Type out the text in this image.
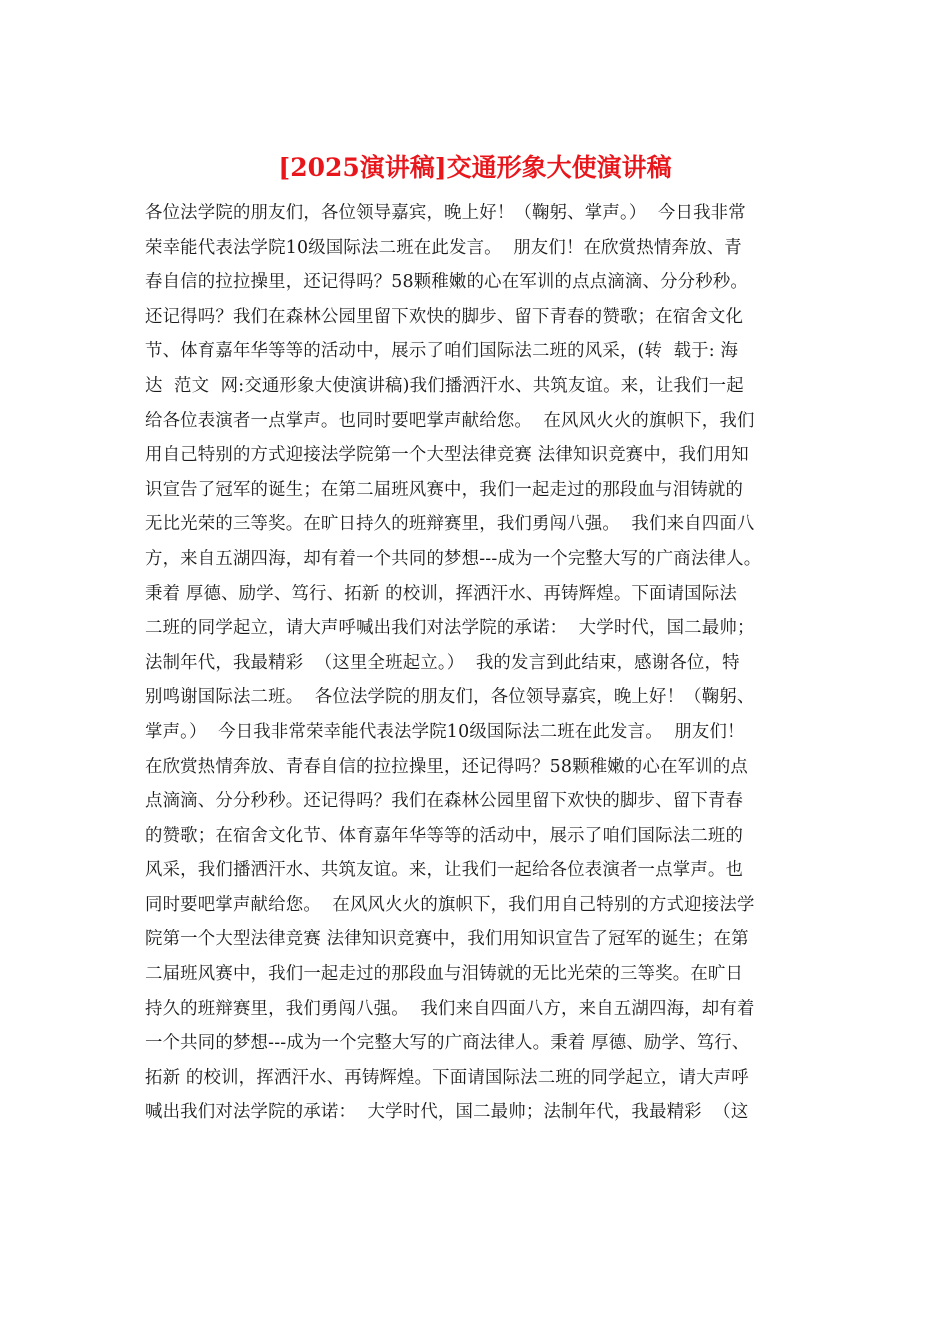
[2025演讲稿]交通形象大使演讲稿
各位法学院的朋友们，各位领导嘉宾，晚上好！（鞠躬、掌声。）  今日我非常
荣幸能代表法学院10级国际法二班在此发言。  朋友们！在欣赏热情奔放、青
春自信的拉拉操里，还记得吗？58颗稚嫩的心在军训的点点滴滴、分分秒秒。
还记得吗？我们在森林公园里留下欢快的脚步、留下青春的赞歌；在宿舍文化
节、体育嘉年华等等的活动中，展示了咱们国际法二班的风采，(转  载于: 海
达  范文  网:交通形象大使演讲稿)我们播洒汗水、共筑友谊。来，让我们一起
给各位表演者一点掌声。也同时要吧掌声献给您。  在风风火火的旗帜下，我们
用自己特别的方式迎接法学院第一个大型法律竞赛 法律知识竞赛中，我们用知
识宣告了冠军的诞生；在第二届班风赛中，我们一起走过的那段血与泪铸就的
无比光荣的三等奖。在旷日持久的班辩赛里，我们勇闯八强。  我们来自四面八
方，来自五湖四海，却有着一个共同的梦想---成为一个完整大写的广商法律人。
秉着 厚德、励学、笃行、拓新 的校训，挥洒汗水、再铸辉煌。下面请国际法
二班的同学起立，请大声呼喊出我们对法学院的承诺：  大学时代，国二最帅；
法制年代，我最精彩  （这里全班起立。）  我的发言到此结束，感谢各位，特
别鸣谢国际法二班。  各位法学院的朋友们，各位领导嘉宾，晚上好！（鞠躬、
掌声。）  今日我非常荣幸能代表法学院10级国际法二班在此发言。  朋友们！
在欣赏热情奔放、青春自信的拉拉操里，还记得吗？58颗稚嫩的心在军训的点
点滴滴、分分秒秒。还记得吗？我们在森林公园里留下欢快的脚步、留下青春
的赞歌；在宿舍文化节、体育嘉年华等等的活动中，展示了咱们国际法二班的
风采，我们播洒汗水、共筑友谊。来，让我们一起给各位表演者一点掌声。也
同时要吧掌声献给您。  在风风火火的旗帜下，我们用自己特别的方式迎接法学
院第一个大型法律竞赛 法律知识竞赛中，我们用知识宣告了冠军的诞生；在第
二届班风赛中，我们一起走过的那段血与泪铸就的无比光荣的三等奖。在旷日
持久的班辩赛里，我们勇闯八强。  我们来自四面八方，来自五湖四海，却有着
一个共同的梦想---成为一个完整大写的广商法律人。秉着 厚德、励学、笃行、
拓新 的校训，挥洒汗水、再铸辉煌。下面请国际法二班的同学起立，请大声呼
喊出我们对法学院的承诺：  大学时代，国二最帅；法制年代，我最精彩  （这
